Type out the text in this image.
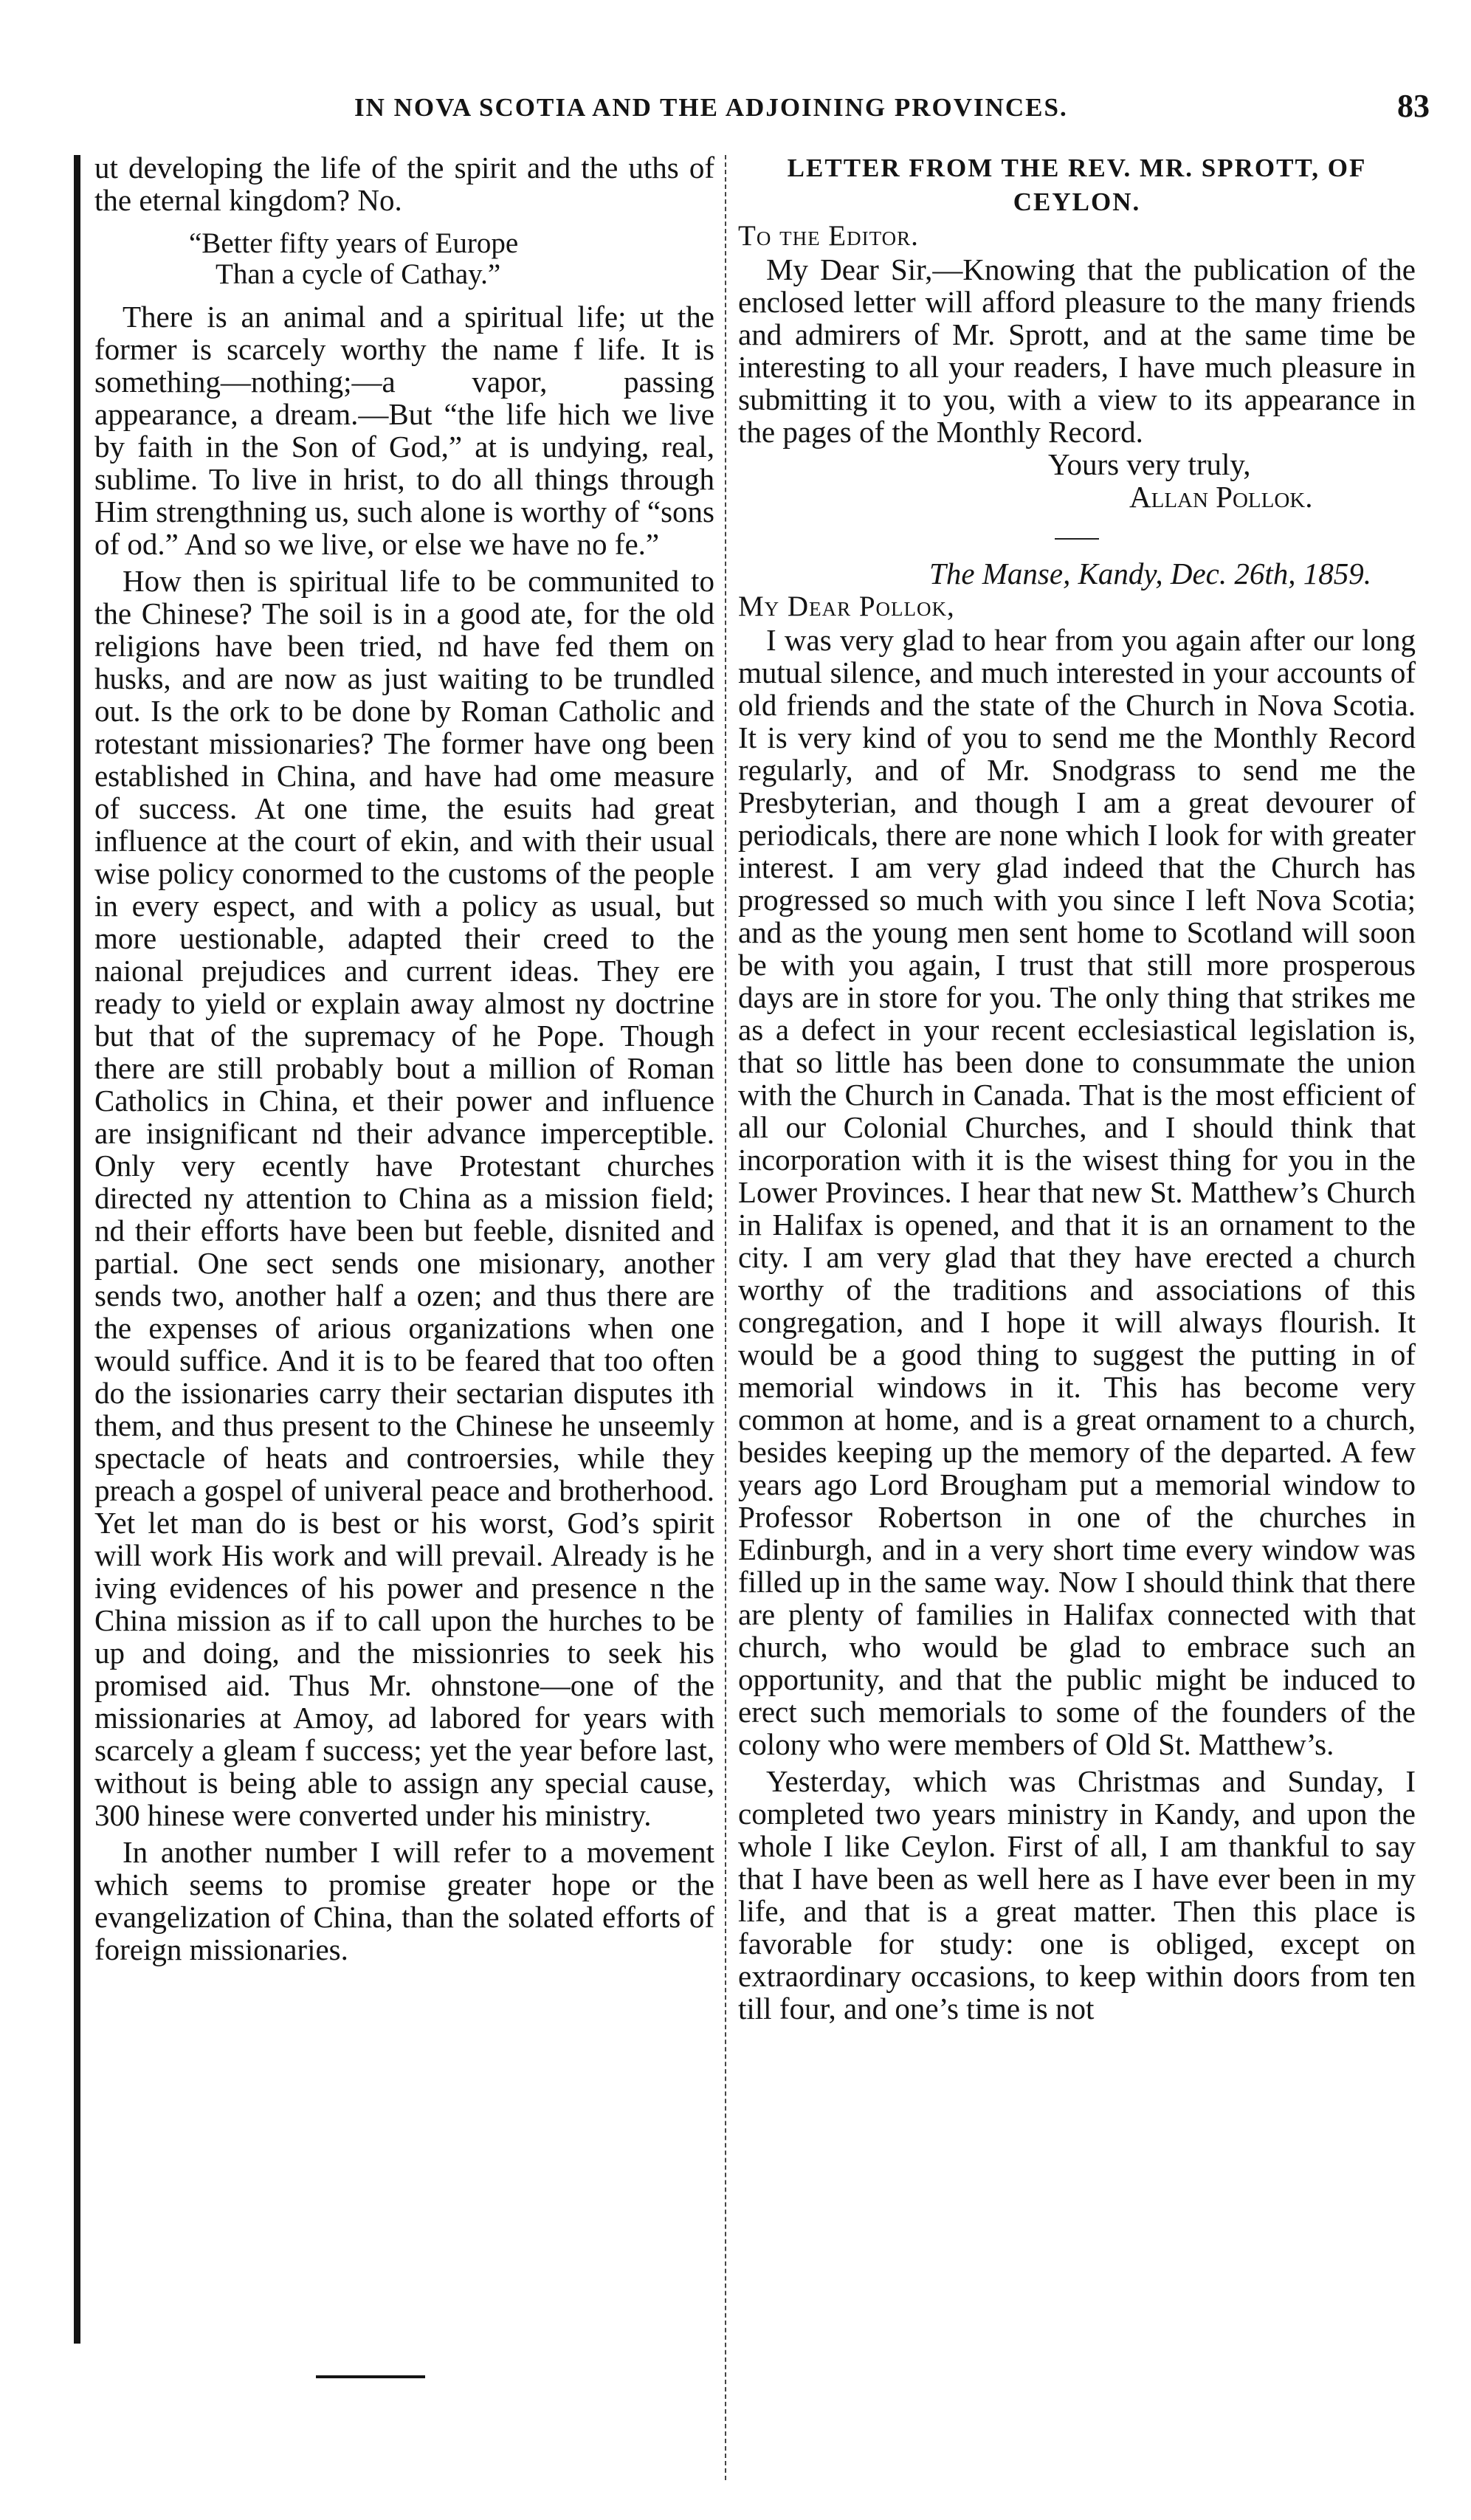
IN NOVA SCOTIA AND THE ADJOINING PROVINCES.	83

ut developing the life of the spirit and the uths of the eternal kingdom? No.

“Better fifty years of Europe
Than a cycle of Cathay.”

There is an animal and a spiritual life; ut the former is scarcely worthy the name f life. It is something—nothing;—a vapor, passing appearance, a dream.—But “the life hich we live by faith in the Son of God,” at is undying, real, sublime. To live in hrist, to do all things through Him strengthning us, such alone is worthy of “sons of od.” And so we live, or else we have no fe.”

How then is spiritual life to be communited to the Chinese? The soil is in a good ate, for the old religions have been tried, nd have fed them on husks, and are now as just waiting to be trundled out. Is the ork to be done by Roman Catholic and rotestant missionaries? The former have ong been established in China, and have had ome measure of success. At one time, the esuits had great influence at the court of ekin, and with their usual wise policy conormed to the customs of the people in every espect, and with a policy as usual, but more uestionable, adapted their creed to the naional prejudices and current ideas. They ere ready to yield or explain away almost ny doctrine but that of the supremacy of he Pope. Though there are still probably bout a million of Roman Catholics in China, et their power and influence are insignificant nd their advance imperceptible. Only very ecently have Protestant churches directed ny attention to China as a mission field; nd their efforts have been but feeble, disnited and partial. One sect sends one misionary, another sends two, another half a ozen; and thus there are the expenses of arious organizations when one would suffice. And it is to be feared that too often do the issionaries carry their sectarian disputes ith them, and thus present to the Chinese he unseemly spectacle of heats and controersies, while they preach a gospel of univeral peace and brotherhood. Yet let man do is best or his worst, God’s spirit will work His work and will prevail. Already is he iving evidences of his power and presence n the China mission as if to call upon the hurches to be up and doing, and the missionries to seek his promised aid. Thus Mr. ohnstone—one of the missionaries at Amoy, ad labored for years with scarcely a gleam f success; yet the year before last, without is being able to assign any special cause, 300 hinese were converted under his ministry.

In another number I will refer to a movement which seems to promise greater hope or the evangelization of China, than the solated efforts of foreign missionaries.

LETTER FROM THE REV. MR. SPROTT, OF
CEYLON.

To the Editor.

My Dear Sir,—Knowing that the publication of the enclosed letter will afford pleasure to the many friends and admirers of Mr. Sprott, and at the same time be interesting to all your readers, I have much pleasure in submitting it to you, with a view to its appearance in the pages of the Monthly Record.

Yours very truly,
Allan Pollok.
The Manse, Kandy, Dec. 26th, 1859.

My Dear Pollok,

I was very glad to hear from you again after our long mutual silence, and much interested in your accounts of old friends and the state of the Church in Nova Scotia. It is very kind of you to send me the Monthly Record regularly, and of Mr. Snodgrass to send me the Presbyterian, and though I am a great devourer of periodicals, there are none which I look for with greater interest. I am very glad indeed that the Church has progressed so much with you since I left Nova Scotia; and as the young men sent home to Scotland will soon be with you again, I trust that still more prosperous days are in store for you. The only thing that strikes me as a defect in your recent ecclesiastical legislation is, that so little has been done to consummate the union with the Church in Canada. That is the most efficient of all our Colonial Churches, and I should think that incorporation with it is the wisest thing for you in the Lower Provinces. I hear that new St. Matthew’s Church in Halifax is opened, and that it is an ornament to the city. I am very glad that they have erected a church worthy of the traditions and associations of this congregation, and I hope it will always flourish. It would be a good thing to suggest the putting in of memorial windows in it. This has become very common at home, and is a great ornament to a church, besides keeping up the memory of the departed. A few years ago Lord Brougham put a memorial window to Professor Robertson in one of the churches in Edinburgh, and in a very short time every window was filled up in the same way. Now I should think that there are plenty of families in Halifax connected with that church, who would be glad to embrace such an opportunity, and that the public might be induced to erect such memorials to some of the founders of the colony who were members of Old St. Matthew’s.

Yesterday, which was Christmas and Sunday, I completed two years ministry in Kandy, and upon the whole I like Ceylon. First of all, I am thankful to say that I have been as well here as I have ever been in my life, and that is a great matter. Then this place is favorable for study: one is obliged, except on extraordinary occasions, to keep within doors from ten till four, and one’s time is not
